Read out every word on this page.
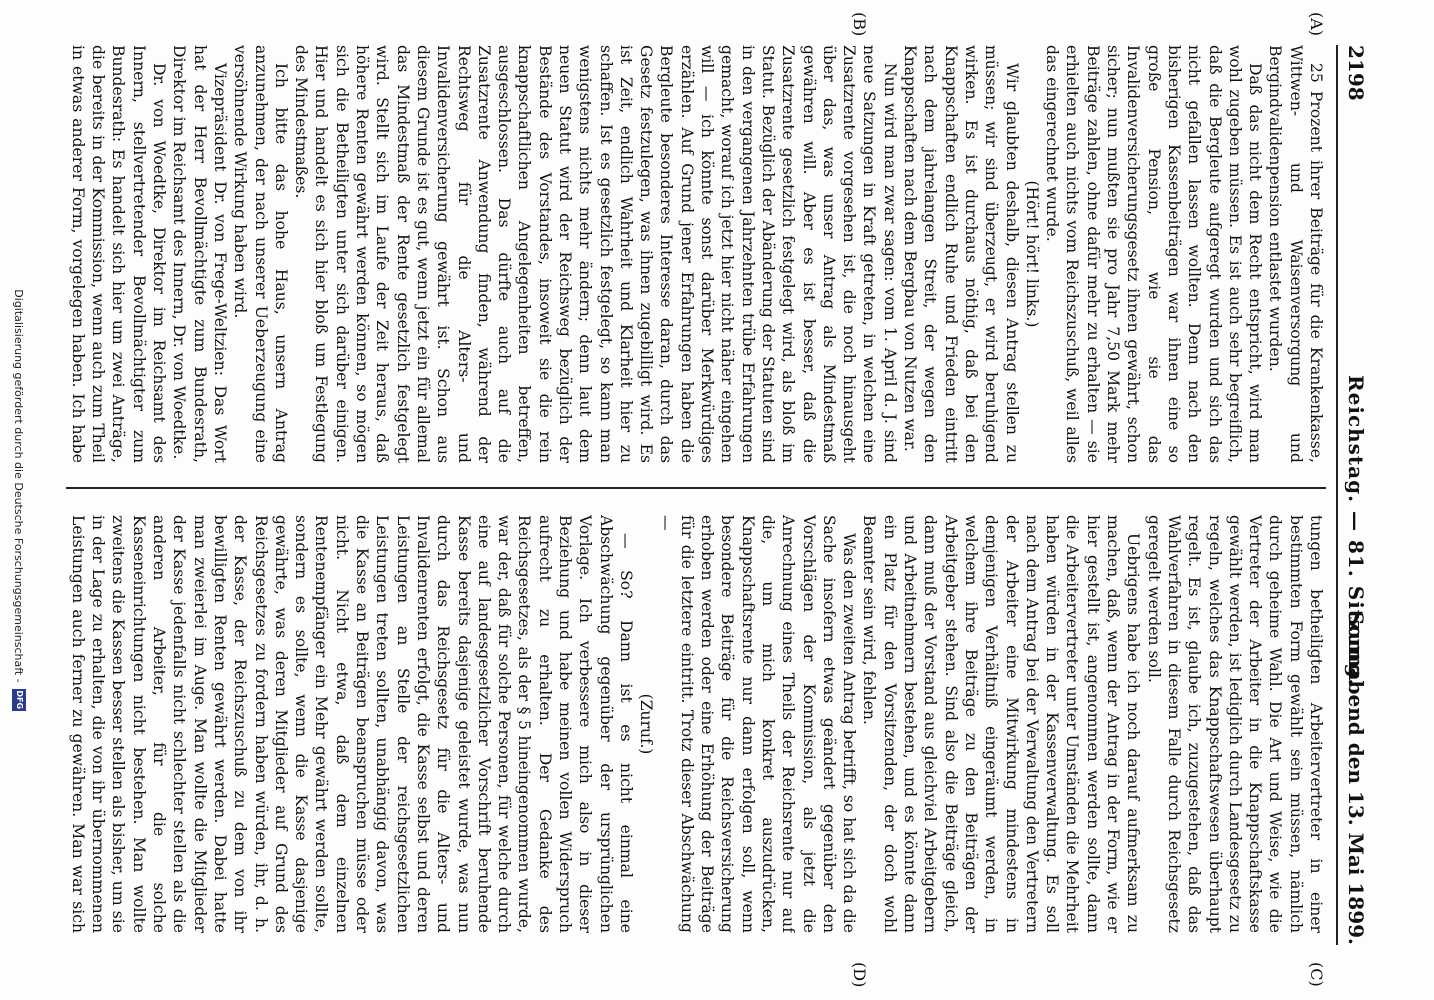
2198
Reichstag. — 81. Sitzung.
Sonnabend den 13. Mai 1899.
(A)
(B)
(C)
(D)

25 Prozent ihrer Beiträge für die Krankenkasse, Wittwen- und Waisenversorgung und Bergindvalidenpension entlastet wurden.

Daß das nicht dem Recht entspricht, wird man wohl zugeben müssen. Es ist auch sehr begreiflich, daß die Bergleute aufgeregt wurden und sich das nicht gefallen lassen wollten. Denn nach den bisherigen Kassenbeiträgen war ihnen eine so große Pension, wie sie das Invalidenversicherungsgesetz ihnen gewährt, schon sicher; nun mußten sie pro Jahr 7,50 Mark mehr Beiträge zahlen, ohne dafür mehr zu erhalten — sie erhielten auch nichts vom Reichszuschuß, weil alles das eingerechnet wurde.

(Hört! hört! links.)

Wir glaubten deshalb, diesen Antrag stellen zu müssen; wir sind überzeugt, er wird beruhigend wirken. Es ist durchaus nöthig, daß bei den Knappschaften endlich Ruhe und Frieden eintritt nach dem jahrelangen Streit, der wegen den Knappschaften nach dem Bergbau von Nutzen war.

Nun wird man zwar sagen: vom 1. April d. J. sind neue Satzungen in Kraft getreten, in welchen eine Zusatzrente vorgesehen ist, die noch hinausgeht über das, was unser Antrag als Mindestmaß gewähren will. Aber es ist besser, daß die Zusatzrente gesetzlich festgelegt wird, als bloß im Statut. Bezüglich der Abänderung der Statuten sind in den vergangenen Jahrzehnten trübe Erfahrungen gemacht, worauf ich jetzt hier nicht näher eingehen will — ich könnte sonst darüber Merkwürdiges erzählen. Auf Grund jener Erfahrungen haben die Bergleute besonderes Interesse daran, durch das Gesetz festzulegen, was ihnen zugebilligt wird. Es ist Zeit, endlich Wahrheit und Klarheit hier zu schaffen. Ist es gesetzlich festgelegt, so kann man wenigstens nichts mehr ändern; denn laut dem neuen Statut wird der Reichsweg bezüglich der Bestände des Vorstandes, insoweit sie die rein knappschaftlichen Angelegenheiten betreffen, ausgeschlossen. Das dürfte auch auf die Zusatzrente Anwendung finden, während der Rechtsweg für die Alters- und Invalidenversicherung gewährt ist. Schon aus diesem Grunde ist es gut, wenn jetzt ein für allemal das Mindestmaß der Rente gesetzlich festgelegt wird. Stellt sich im Laufe der Zeit heraus, daß höhere Renten gewährt werden können, so mögen sich die Betheiligten unter sich darüber einigen. Hier und handelt es sich hier bloß um Festlegung des Mindestmaßes.

Ich bitte das hohe Haus, unsern Antrag anzunehmen, der nach unserer Ueberzeugung eine versöhnende Wirkung haben wird.

Vizepräsident Dr. von Frege-Weltzien: Das Wort hat der Herr Bevollmächtigte zum Bundesrath, Direktor im Reichsamt des Innern, Dr. von Woedtke.

Dr. von Woedtke, Direktor im Reichsamt des Innern, stellvertretender Bevollmächtigter zum Bundesrath: Es handelt sich hier um zwei Anträge, die bereits in der Kommission, wenn auch zum Theil in etwas anderer Form, vorgelegen haben. Ich habe

tungen betheiligten Arbeitervertreter in einer bestimmten Form gewählt sein müssen, nämlich durch geheime Wahl. Die Art und Weise, wie die Vertreter der Arbeiter in die Knappschaftskasse gewählt werden, ist lediglich durch Landesgesetz zu regeln, welches das Knappschaftswesen überhaupt regelt. Es ist, glaube ich, zuzugestehen, daß das Wahlverfahren in diesem Falle durch Reichsgesetz geregelt werden soll.

Uebrigens habe ich noch darauf aufmerksam zu machen, daß, wenn der Antrag in der Form, wie er hier gestellt ist, angenommen werden sollte, dann die Arbeitervertreter unter Umständen die Mehrheit haben würden in der Kassenverwaltung. Es soll nach dem Antrag bei der Verwaltung den Vertretern der Arbeiter eine Mitwirkung mindestens in demjenigen Verhältniß eingeräumt werden, in welchem ihre Beiträge zu den Beiträgen der Arbeitgeber stehen. Sind also die Beiträge gleich, dann muß der Vorstand aus gleichviel Arbeitgebern und Arbeitnehmern bestehen, und es könnte dann ein Platz für den Vorsitzenden, der doch wohl Beamter sein wird, fehlen.

Was den zweiten Antrag betrifft, so hat sich da die Sache insofern etwas geändert gegenüber den Vorschlägen der Kommission, als jetzt die Anrechnung eines Theils der Reichsrente nur auf die, um mich konkret auszudrücken, Knappschaftsrente nur dann erfolgen soll, wenn besondere Beiträge für die Reichsversicherung erhoben werden oder eine Erhöhung der Beiträge für die letztere eintritt. Trotz dieser Abschwächung —

(Zuruf.)

— So? Dann ist es nicht einmal eine Abschwächung gegenüber der ursprünglichen Vorlage. Ich verbessere mich also in dieser Beziehung und habe meinen vollen Widerspruch aufrecht zu erhalten. Der Gedanke des Reichsgesetzes, als der § 5 hineingenommen wurde, war der, daß für solche Personen, für welche durch eine auf landesgesetzlicher Vorschrift beruhende Kasse bereits dasjenige geleistet wurde, was nun durch das Reichsgesetz für die Alters- und Invalidenrenten erfolgt, die Kasse selbst und deren Leistungen an Stelle der reichsgesetzlichen Leistungen treten sollten, unabhängig davon, was die Kasse an Beiträgen beanspruchen müsse oder nicht. Nicht etwa, daß dem einzelnen Rentenempfänger ein Mehr gewährt werden sollte, sondern es sollte, wenn die Kasse dasjenige gewährte, was deren Mitglieder auf Grund des Reichsgesetzes zu fordern haben würden, ihr, d. h. der Kasse, der Reichszuschuß zu dem von ihr bewilligten Renten gewährt werden. Dabei hatte man zweierlei im Auge. Man wollte die Mitglieder der Kasse jedenfalls nicht schlechter stellen als die anderen Arbeiter, für die solche Kasseneinrichtungen nicht bestehen. Man wollte zweitens die Kassen besser stellen als bisher, um sie in der Lage zu erhalten, die von ihr übernommenen Leistungen auch ferner zu gewähren. Man war sich

Digitalisierung gefördert durch die Deutsche Forschungsgemeinschaft -
DFG
